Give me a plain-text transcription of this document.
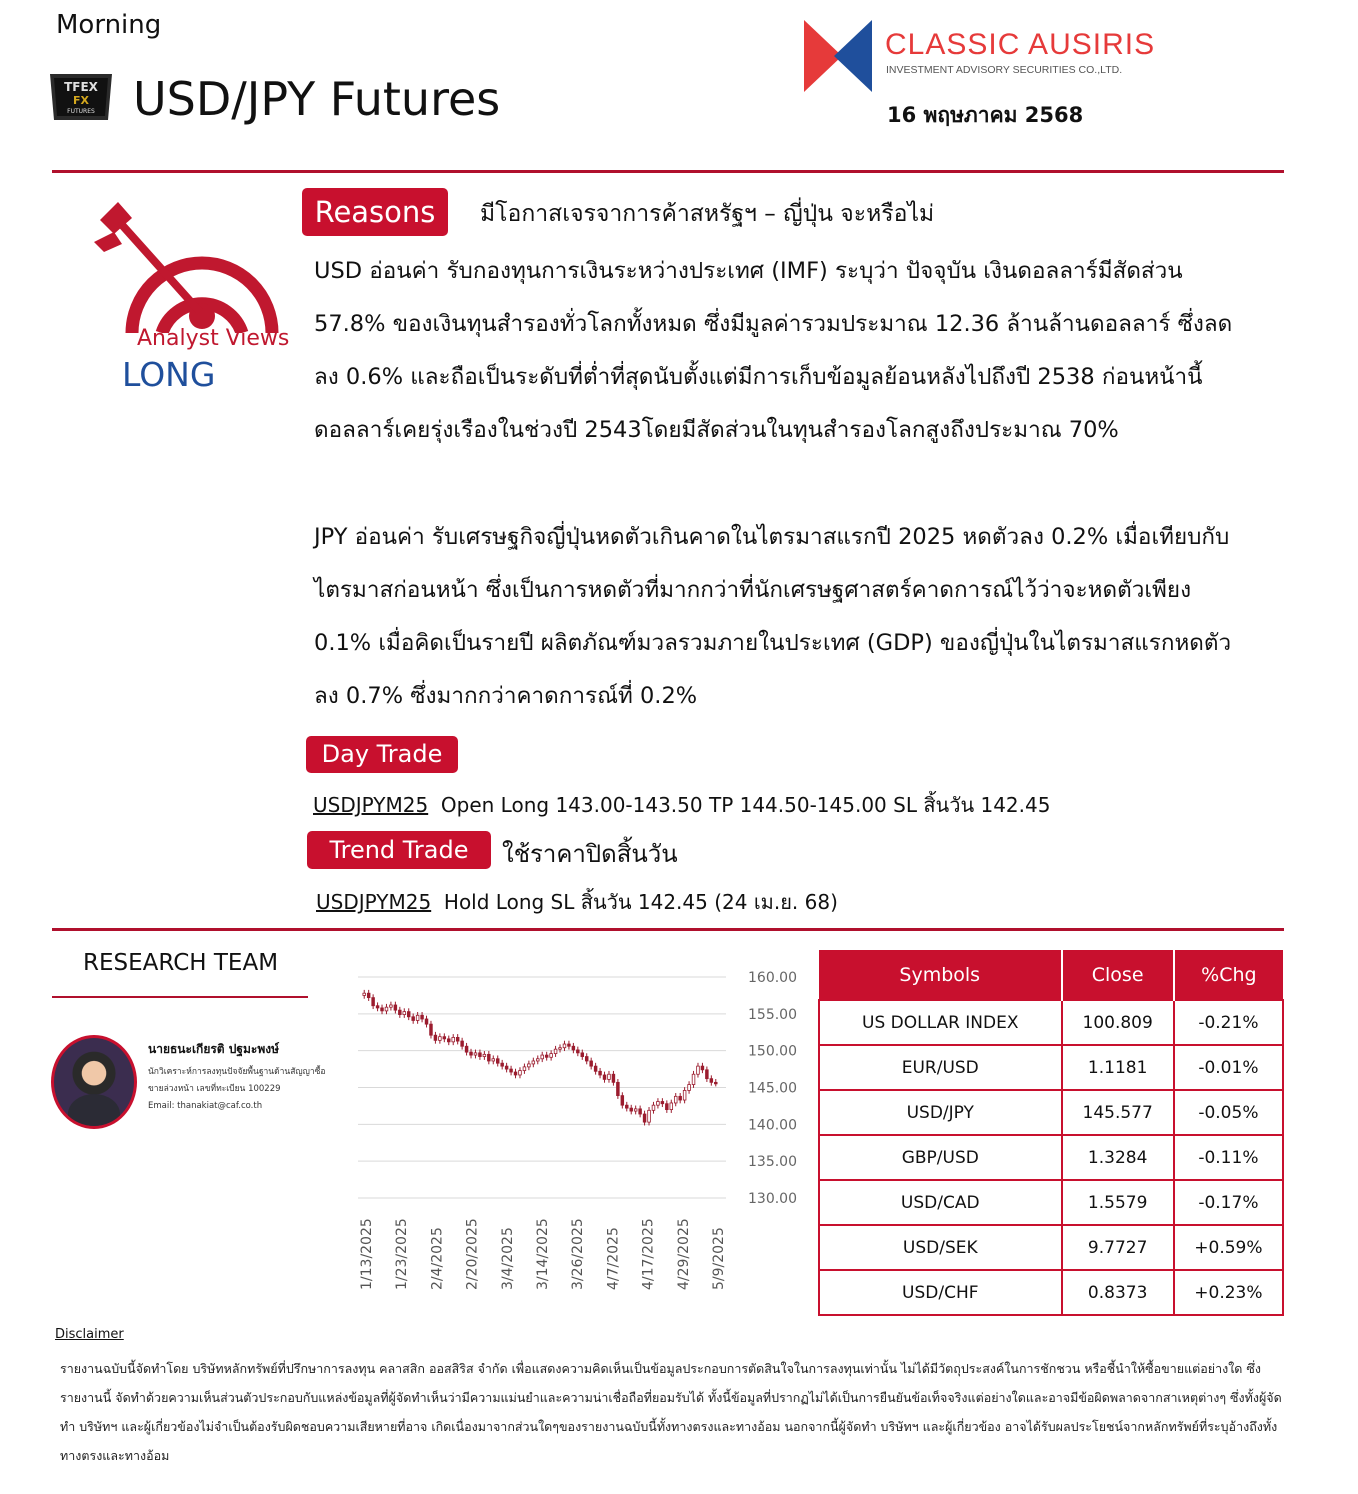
Morning
TFEX
FX
FUTURES USD/JPY Futures
CLASSIC AUSIRIS
INVESTMENT ADVISORY SECURITIES CO.,LTD.
16 พฤษภาคม 2568
Analyst Views
LONG
Reasons	มีโอกาสเจรจาการค้าสหรัฐฯ – ญี่ปุ่น จะหรือไม่
USD อ่อนค่า รับกองทุนการเงินระหว่างประเทศ (IMF) ระบุว่า ปัจจุบัน เงินดอลลาร์มีสัดส่วน 57.8% ของเงินทุนสำรองทั่วโลกทั้งหมด ซึ่งมีมูลค่ารวมประมาณ 12.36 ล้านล้านดอลลาร์ ซึ่งลดลง 0.6% และถือเป็นระดับที่ต่ำที่สุดนับตั้งแต่มีการเก็บข้อมูลย้อนหลังไปถึงปี 2538 ก่อนหน้านี้ดอลลาร์เคยรุ่งเรืองในช่วงปี 2543โดยมีสัดส่วนในทุนสำรองโลกสูงถึงประมาณ 70%
JPY อ่อนค่า รับเศรษฐกิจญี่ปุ่นหดตัวเกินคาดในไตรมาสแรกปี 2025 หดตัวลง 0.2% เมื่อเทียบกับไตรมาสก่อนหน้า ซึ่งเป็นการหดตัวที่มากกว่าที่นักเศรษฐศาสตร์คาดการณ์ไว้ว่าจะหดตัวเพียง 0.1% เมื่อคิดเป็นรายปี ผลิตภัณฑ์มวลรวมภายในประเทศ (GDP) ของญี่ปุ่นในไตรมาสแรกหดตัวลง 0.7% ซึ่งมากกว่าคาดการณ์ที่ 0.2%
Day Trade
USDJPYM25 Open Long 143.00-143.50 TP 144.50-145.00 SL สิ้นวัน 142.45
Trend Trade	ใช้ราคาปิดสิ้นวัน
USDJPYM25 Hold Long SL สิ้นวัน 142.45 (24 เม.ย. 68)
RESEARCH TEAM
นายธนะเกียรติ ปฐมะพงษ์
นักวิเคราะห์การลงทุนปัจจัยพื้นฐานด้านสัญญาซื้อ
ขายล่วงหน้า เลขที่ทะเบียน 100229
Email: thanakiat@caf.co.th
160.00
155.00
150.00
145.00
140.00
135.00
130.00
1/13/2025 1/23/2025 2/4/2025 2/20/2025 3/4/2025 3/14/2025 3/26/2025 4/7/2025 4/17/2025 4/29/2025 5/9/2025
Symbols	Close	%Chg
US DOLLAR INDEX	100.809	-0.21%
EUR/USD	1.1181	-0.01%
USD/JPY	145.577	-0.05%
GBP/USD	1.3284	-0.11%
USD/CAD	1.5579	-0.17%
USD/SEK	9.7727	+0.59%
USD/CHF	0.8373	+0.23%
Disclaimer
รายงานฉบับนี้จัดทำโดย บริษัทหลักทรัพย์ที่ปรึกษาการลงทุน คลาสสิก ออสสิริส จำกัด เพื่อแสดงความคิดเห็นเป็นข้อมูลประกอบการตัดสินใจในการลงทุนเท่านั้น ไม่ได้มีวัตถุประสงค์ในการชักชวน หรือชี้นำให้ซื้อขายแต่อย่างใด ซึ่งรายงานนี้ จัดทำด้วยความเห็นส่วนตัวประกอบกับแหล่งข้อมูลที่ผู้จัดทำเห็นว่ามีความแม่นยำและความน่าเชื่อถือที่ยอมรับได้ ทั้งนี้ข้อมูลที่ปรากฏไม่ได้เป็นการยืนยันข้อเท็จจริงแต่อย่างใดและอาจมีข้อผิดพลาดจากสาเหตุต่างๆ ซึ่งทั้งผู้จัดทำ บริษัทฯ และผู้เกี่ยวข้องไม่จำเป็นต้องรับผิดชอบความเสียหายที่อาจ เกิดเนื่องมาจากส่วนใดๆของรายงานฉบับนี้ทั้งทางตรงและทางอ้อม นอกจากนี้ผู้จัดทำ บริษัทฯ และผู้เกี่ยวข้อง อาจได้รับผลประโยชน์จากหลักทรัพย์ที่ระบุอ้างถึงทั้งทางตรงและทางอ้อม
